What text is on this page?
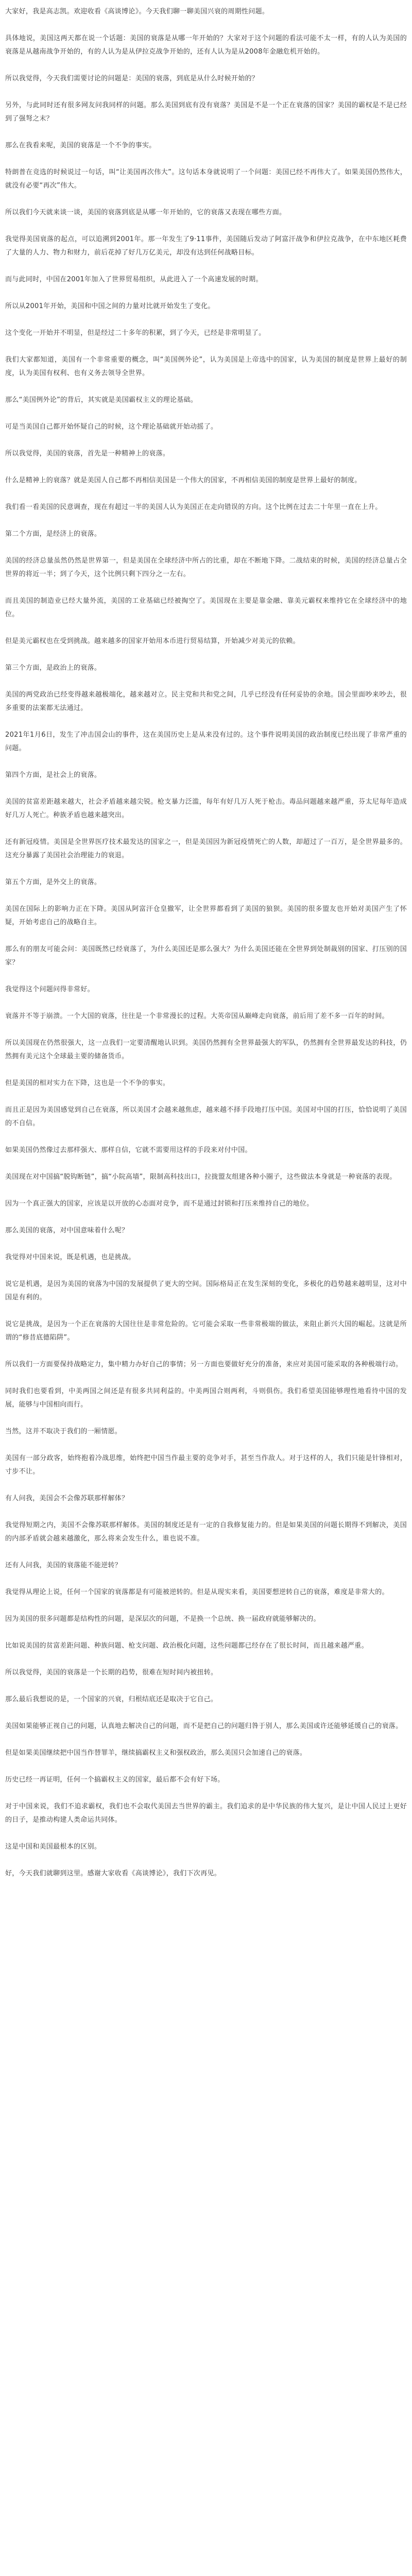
大家好，我是高志凯。欢迎收看《高谈博论》。今天我们聊一聊美国兴衰的周期性问题。

具体地说，美国这两天都在说一个话题：美国的衰落是从哪一年开始的？大家对于这个问题的看法可能不太一样，有的人认为美国的衰落是从越南战争开始的，有的人认为是从伊拉克战争开始的，还有人认为是从2008年金融危机开始的。

所以我觉得，今天我们需要讨论的问题是：美国的衰落，到底是从什么时候开始的？

另外，与此同时还有很多网友问我同样的问题。那么美国到底有没有衰落？美国是不是一个正在衰落的国家？美国的霸权是不是已经到了强弩之末？

那么在我看来呢，美国的衰落是一个不争的事实。

特朗普在竞选的时候说过一句话，叫“让美国再次伟大”。这句话本身就说明了一个问题：美国已经不再伟大了。如果美国仍然伟大，就没有必要“再次”伟大。

所以我们今天就来谈一谈，美国的衰落到底是从哪一年开始的，它的衰落又表现在哪些方面。

我觉得美国衰落的起点，可以追溯到2001年。那一年发生了9·11事件，美国随后发动了阿富汗战争和伊拉克战争，在中东地区耗费了大量的人力、物力和财力，前后花掉了好几万亿美元，却没有达到任何战略目标。

而与此同时，中国在2001年加入了世界贸易组织，从此进入了一个高速发展的时期。

所以从2001年开始，美国和中国之间的力量对比就开始发生了变化。

这个变化一开始并不明显，但是经过二十多年的积累，到了今天，已经是非常明显了。

我们大家都知道，美国有一个非常重要的概念，叫“美国例外论”，认为美国是上帝选中的国家，认为美国的制度是世界上最好的制度，认为美国有权利、也有义务去领导全世界。

那么“美国例外论”的背后，其实就是美国霸权主义的理论基础。

可是当美国自己都开始怀疑自己的时候，这个理论基础就开始动摇了。

所以我觉得，美国的衰落，首先是一种精神上的衰落。

什么是精神上的衰落？就是美国人自己都不再相信美国是一个伟大的国家，不再相信美国的制度是世界上最好的制度。

我们看一看美国的民意调查，现在有超过一半的美国人认为美国正在走向错误的方向。这个比例在过去二十年里一直在上升。

第二个方面，是经济上的衰落。

美国的经济总量虽然仍然是世界第一，但是美国在全球经济中所占的比重，却在不断地下降。二战结束的时候，美国的经济总量占全世界的将近一半；到了今天，这个比例只剩下四分之一左右。

而且美国的制造业已经大量外流，美国的工业基础已经被掏空了。美国现在主要是靠金融、靠美元霸权来维持它在全球经济中的地位。

但是美元霸权也在受到挑战。越来越多的国家开始用本币进行贸易结算，开始减少对美元的依赖。

第三个方面，是政治上的衰落。

美国的两党政治已经变得越来越极端化，越来越对立。民主党和共和党之间，几乎已经没有任何妥协的余地。国会里面吵来吵去，很多重要的法案都无法通过。

2021年1月6日，发生了冲击国会山的事件，这在美国历史上是从来没有过的。这个事件说明美国的政治制度已经出现了非常严重的问题。

第四个方面，是社会上的衰落。

美国的贫富差距越来越大，社会矛盾越来越尖锐。枪支暴力泛滥，每年有好几万人死于枪击。毒品问题越来越严重，芬太尼每年造成好几万人死亡。种族矛盾也越来越突出。

还有新冠疫情。美国是全世界医疗技术最发达的国家之一，但是美国因为新冠疫情死亡的人数，却超过了一百万，是全世界最多的。这充分暴露了美国社会治理能力的衰退。

第五个方面，是外交上的衰落。

美国在国际上的影响力正在下降。美国从阿富汗仓皇撤军，让全世界都看到了美国的狼狈。美国的很多盟友也开始对美国产生了怀疑，开始考虑自己的战略自主。

那么有的朋友可能会问：美国既然已经衰落了，为什么美国还是那么强大？为什么美国还能在全世界到处制裁别的国家、打压别的国家？

我觉得这个问题问得非常好。

衰落并不等于崩溃。一个大国的衰落，往往是一个非常漫长的过程。大英帝国从巅峰走向衰落，前后用了差不多一百年的时间。

所以美国现在仍然很强大，这一点我们一定要清醒地认识到。美国仍然拥有全世界最强大的军队，仍然拥有全世界最发达的科技，仍然拥有美元这个全球最主要的储备货币。

但是美国的相对实力在下降，这也是一个不争的事实。

而且正是因为美国感觉到自己在衰落，所以美国才会越来越焦虑，越来越不择手段地打压中国。美国对中国的打压，恰恰说明了美国的不自信。

如果美国仍然像过去那样强大、那样自信，它就不需要用这样的手段来对付中国。

美国现在对中国搞“脱钩断链”，搞“小院高墙”，限制高科技出口，拉拢盟友组建各种小圈子，这些做法本身就是一种衰落的表现。

因为一个真正强大的国家，应该是以开放的心态面对竞争，而不是通过封锁和打压来维持自己的地位。

那么美国的衰落，对中国意味着什么呢？

我觉得对中国来说，既是机遇，也是挑战。

说它是机遇，是因为美国的衰落为中国的发展提供了更大的空间。国际格局正在发生深刻的变化，多极化的趋势越来越明显，这对中国是有利的。

说它是挑战，是因为一个正在衰落的大国往往是非常危险的。它可能会采取一些非常极端的做法，来阻止新兴大国的崛起。这就是所谓的“修昔底德陷阱”。

所以我们一方面要保持战略定力，集中精力办好自己的事情；另一方面也要做好充分的准备，来应对美国可能采取的各种极端行动。

同时我们也要看到，中美两国之间还是有很多共同利益的。中美两国合则两利，斗则俱伤。我们希望美国能够理性地看待中国的发展，能够与中国相向而行。

当然，这并不取决于我们的一厢情愿。

美国有一部分政客，始终抱着冷战思维，始终把中国当作最主要的竞争对手，甚至当作敌人。对于这样的人，我们只能是针锋相对，寸步不让。

有人问我，美国会不会像苏联那样解体？

我觉得短期之内，美国不会像苏联那样解体。美国的制度还是有一定的自我修复能力的。但是如果美国的问题长期得不到解决，美国的内部矛盾就会越来越激化，那么将来会发生什么，谁也说不准。

还有人问我，美国的衰落能不能逆转？

我觉得从理论上说，任何一个国家的衰落都是有可能被逆转的。但是从现实来看，美国要想逆转自己的衰落，难度是非常大的。

因为美国的很多问题都是结构性的问题，是深层次的问题，不是换一个总统、换一届政府就能够解决的。

比如说美国的贫富差距问题、种族问题、枪支问题、政治极化问题，这些问题都已经存在了很长时间，而且越来越严重。

所以我觉得，美国的衰落是一个长期的趋势，很难在短时间内被扭转。

那么最后我想说的是，一个国家的兴衰，归根结底还是取决于它自己。

美国如果能够正视自己的问题，认真地去解决自己的问题，而不是把自己的问题归咎于别人，那么美国或许还能够延缓自己的衰落。

但是如果美国继续把中国当作替罪羊，继续搞霸权主义和强权政治，那么美国只会加速自己的衰落。

历史已经一再证明，任何一个搞霸权主义的国家，最后都不会有好下场。

对于中国来说，我们不追求霸权，我们也不会取代美国去当世界的霸主。我们追求的是中华民族的伟大复兴，是让中国人民过上更好的日子，是推动构建人类命运共同体。

这是中国和美国最根本的区别。

好，今天我们就聊到这里。感谢大家收看《高谈博论》，我们下次再见。
